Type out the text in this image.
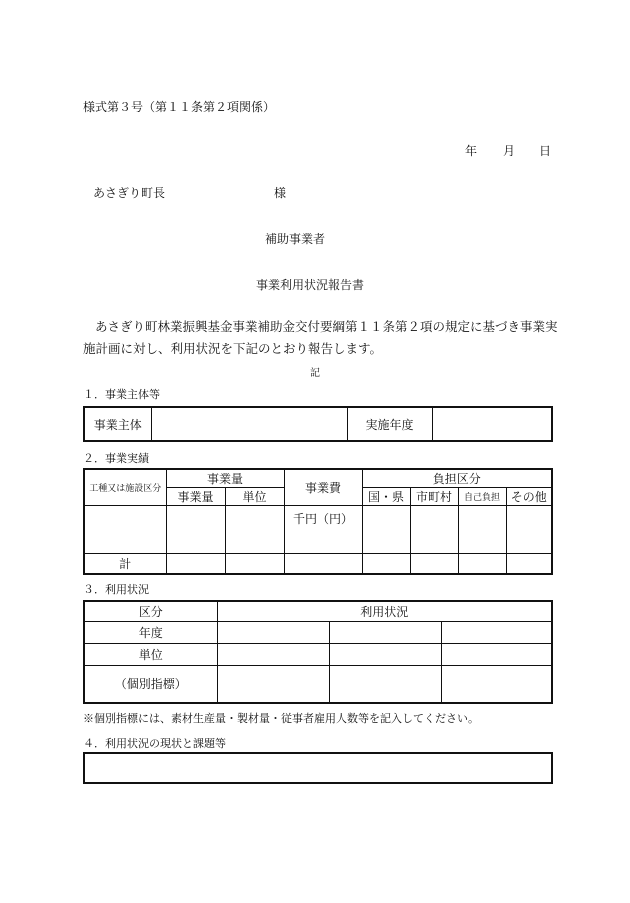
様式第３号（第１１条第２項関係）
年 月 日
あさぎり町長	様
補助事業者
事業利用状況報告書
あさぎり町林業振興基金事業補助金交付要綱第１１条第２項の規定に基づき事業実施計画に対し、利用状況を下記のとおり報告します。
記
１．事業主体等
事業主体		実施年度	
２．事業実績
工種又は施設区分	事業量		事業費	負担区分			
	事業量	単位		国・県	市町村	自己負担	その他
			千円（円）				
計							
３．利用状況
区分	利用状況		
年度			
単位			
（個別指標）			
※個別指標には、素材生産量・製材量・従事者雇用人数等を記入してください。
４．利用状況の現状と課題等
